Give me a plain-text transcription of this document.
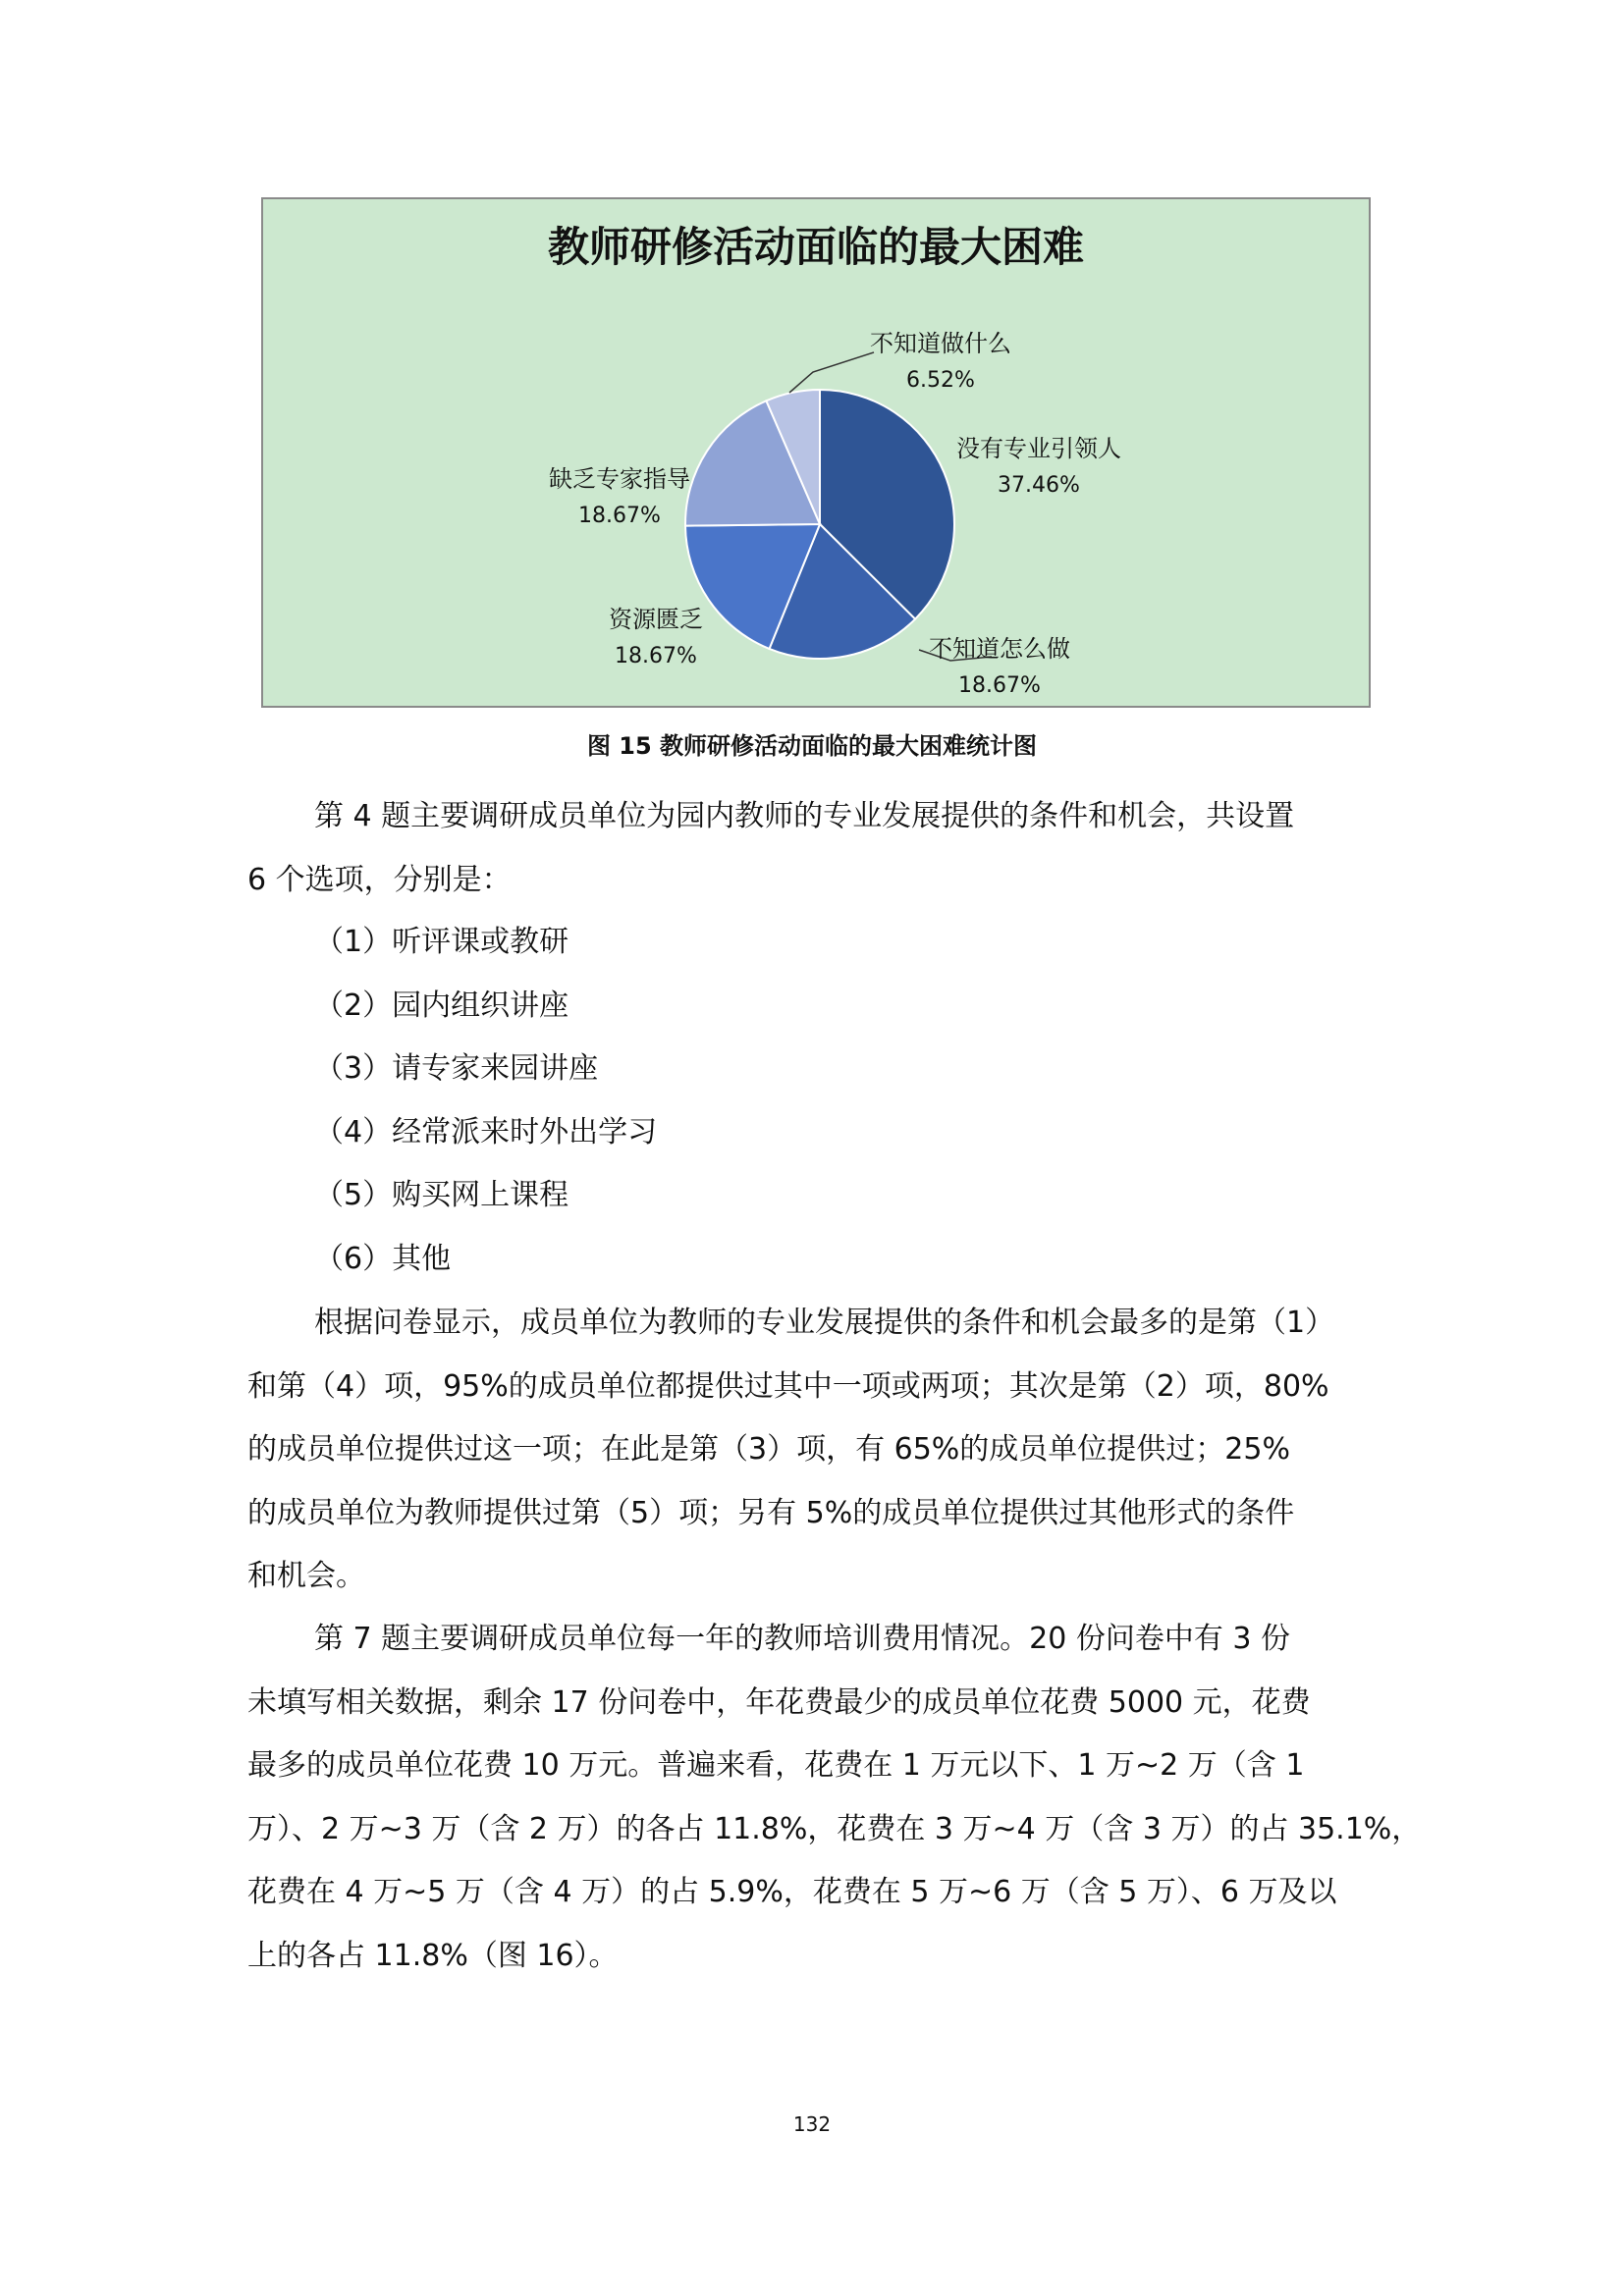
教师研修活动面临的最大困难
没有专业引领人
37.46%
不知道怎么做
18.67%
资源匮乏
18.67%
缺乏专家指导
18.67%
不知道做什么
6.52%
图 15 教师研修活动面临的最大困难统计图
第 4 题主要调研成员单位为园内教师的专业发展提供的条件和机会，共设置
6 个选项，分别是：
（1）听评课或教研
（2）园内组织讲座
（3）请专家来园讲座
（4）经常派来时外出学习
（5）购买网上课程
（6）其他
根据问卷显示，成员单位为教师的专业发展提供的条件和机会最多的是第（1）
和第（4）项，95%的成员单位都提供过其中一项或两项；其次是第（2）项，80%
的成员单位提供过这一项；在此是第（3）项，有 65%的成员单位提供过；25%
的成员单位为教师提供过第（5）项；另有 5%的成员单位提供过其他形式的条件
和机会。
第 7 题主要调研成员单位每一年的教师培训费用情况。20 份问卷中有 3 份
未填写相关数据，剩余 17 份问卷中，年花费最少的成员单位花费 5000 元，花费
最多的成员单位花费 10 万元。普遍来看，花费在 1 万元以下、1 万~2 万（含 1
万）、2 万~3 万（含 2 万）的各占 11.8%，花费在 3 万~4 万（含 3 万）的占 35.1%，
花费在 4 万~5 万（含 4 万）的占 5.9%，花费在 5 万~6 万（含 5 万）、6 万及以
上的各占 11.8%（图 16）。
132
